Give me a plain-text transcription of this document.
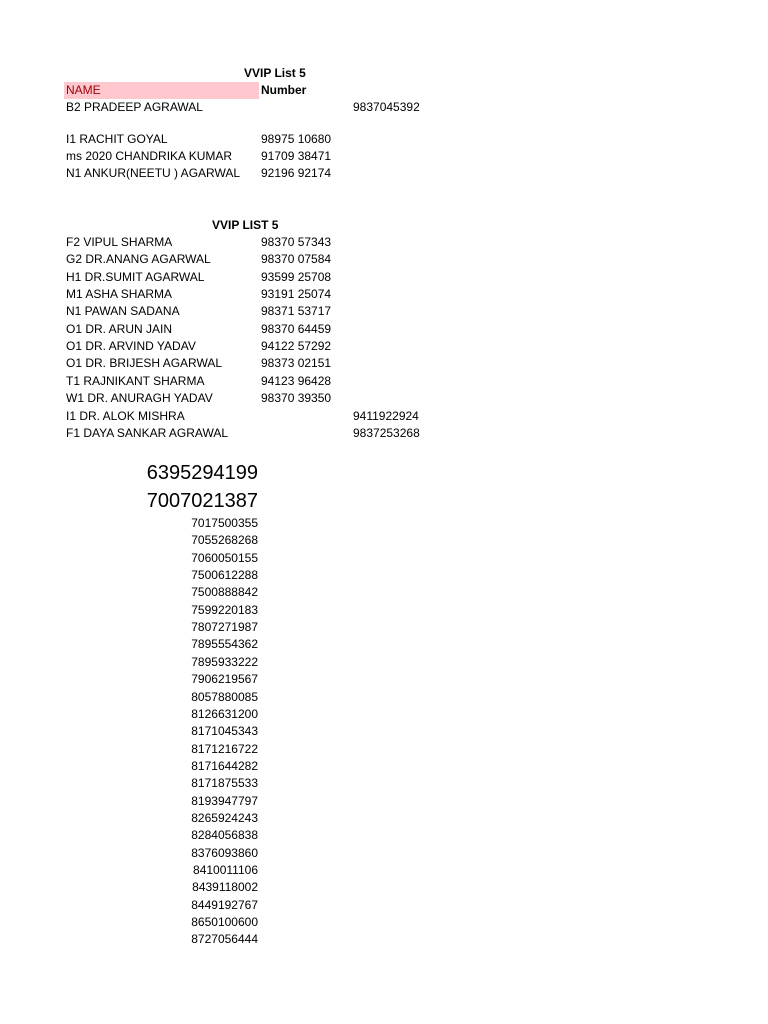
VVIP List 5
NAME	Number
B2 PRADEEP AGRAWAL	9837045392
I1 RACHIT GOYAL	98975 10680
ms 2020 CHANDRIKA KUMAR 91709 38471
N1 ANKUR(NEETU ) AGARWAL 92196 92174
VVIP LIST 5
F2 VIPUL SHARMA	98370 57343
G2 DR.ANANG AGARWAL	98370 07584
H1 DR.SUMIT AGARWAL	93599 25708
M1 ASHA SHARMA	93191 25074
N1 PAWAN SADANA	98371 53717
O1 DR. ARUN JAIN	98370 64459
O1 DR. ARVIND YADAV	94122 57292
O1 DR. BRIJESH AGARWAL	98373 02151
T1 RAJNIKANT SHARMA	94123 96428
W1 DR. ANURAGH YADAV	98370 39350
I1 DR. ALOK MISHRA	9411922924
F1 DAYA SANKAR AGRAWAL	9837253268
6395294199
7007021387
7017500355
7055268268
7060050155
7500612288
7500888842
7599220183
7807271987
7895554362
7895933222
7906219567
8057880085
8126631200
8171045343
8171216722
8171644282
8171875533
8193947797
8265924243
8284056838
8376093860
8410011106
8439118002
8449192767
8650100600
8727056444
